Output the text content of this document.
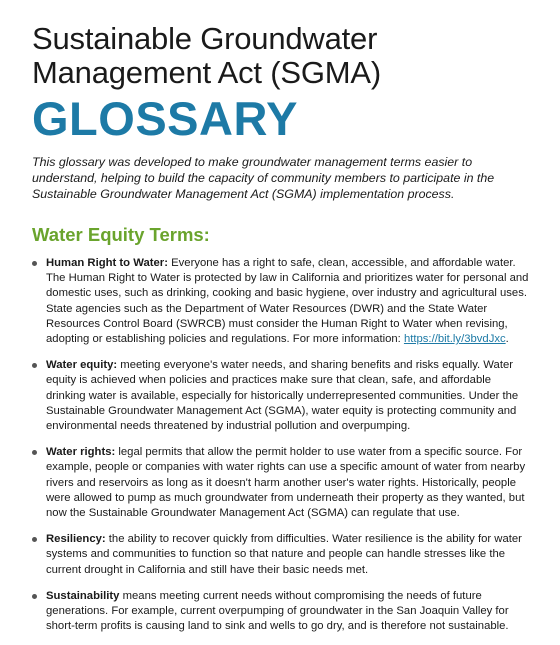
Sustainable Groundwater
Management Act (SGMA)
GLOSSARY

This glossary was developed to make groundwater management terms easier to understand, helping to build the capacity of community members to participate in the Sustainable Groundwater Management Act (SGMA) implementation process.

Water Equity Terms:
Human Right to Water: Everyone has a right to safe, clean, accessible, and affordable water. The Human Right to Water is protected by law in California and prioritizes water for personal and domestic uses, such as drinking, cooking and basic hygiene, over industry and agricultural uses. State agencies such as the Department of Water Resources (DWR) and the State Water Resources Control Board (SWRCB) must consider the Human Right to Water when revising, adopting or establishing policies and regulations. For more information: https://bit.ly/3bvdJxc.
Water equity: meeting everyone's water needs, and sharing benefits and risks equally. Water equity is achieved when policies and practices make sure that clean, safe, and affordable drinking water is available, especially for historically underrepresented communities. Under the Sustainable Groundwater Management Act (SGMA), water equity is protecting community and environmental needs threatened by industrial pollution and overpumping.
Water rights: legal permits that allow the permit holder to use water from a specific source. For example, people or companies with water rights can use a specific amount of water from nearby rivers and reservoirs as long as it doesn't harm another user's water rights. Historically, people were allowed to pump as much groundwater from underneath their property as they wanted, but now the Sustainable Groundwater Management Act (SGMA) can regulate that use.
Resiliency: the ability to recover quickly from difficulties. Water resilience is the ability for water systems and communities to function so that nature and people can handle stresses like the current drought in California and still have their basic needs met.
Sustainability means meeting current needs without compromising the needs of future generations. For example, current overpumping of groundwater in the San Joaquin Valley for short-term profits is causing land to sink and wells to go dry, and is therefore not sustainable.
